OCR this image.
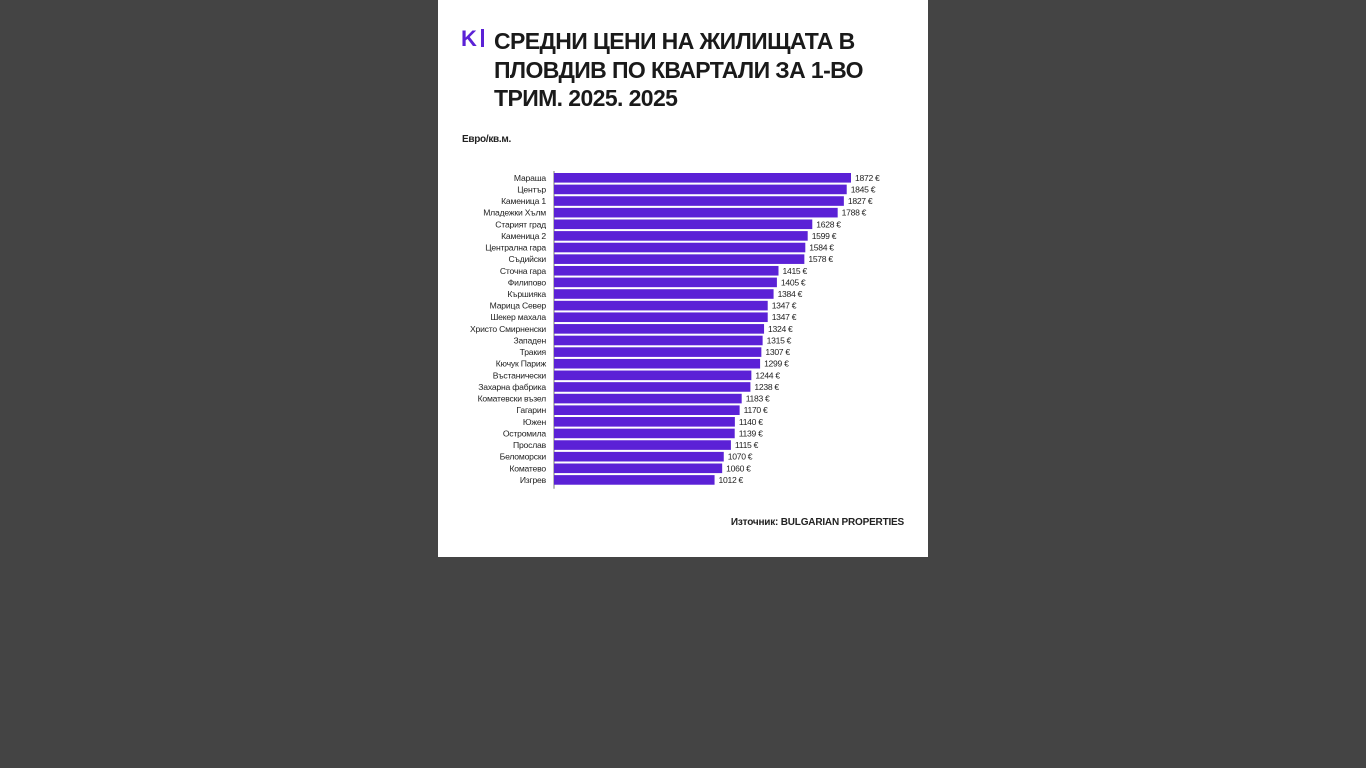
K СРЕДНИ ЦЕНИ НА ЖИЛИЩАТА В
ПЛОВДИВ ПО КВАРТАЛИ ЗА 1-ВО
ТРИМ. 2025. 2025
Евро/кв.м.
Мараша	1872 €
Център	1845 €
Каменица 1	1827 €
Младежки Хълм	1788 €
Старият град	1628 €
Каменица 2	1599 €
Централна гара	1584 €
Съдийски	1578 €
Сточна гара	1415 €
Филипово	1405 €
Кършияка	1384 €
Марица Север	1347 €
Шекер махала	1347 €
Христо Смирненски	1324 €
Западен	1315 €
Тракия	1307 €
Кючук Париж	1299 €
Въстанически	1244 €
Захарна фабрика	1238 €
Коматевски възел	1183 €
Гагарин	1170 €
Южен	1140 €
Остромила	1139 €
Прослав	1115 €
Беломорски	1070 €
Коматево	1060 €
Изгрев	1012 €
Източник: BULGARIAN PROPERTIES
